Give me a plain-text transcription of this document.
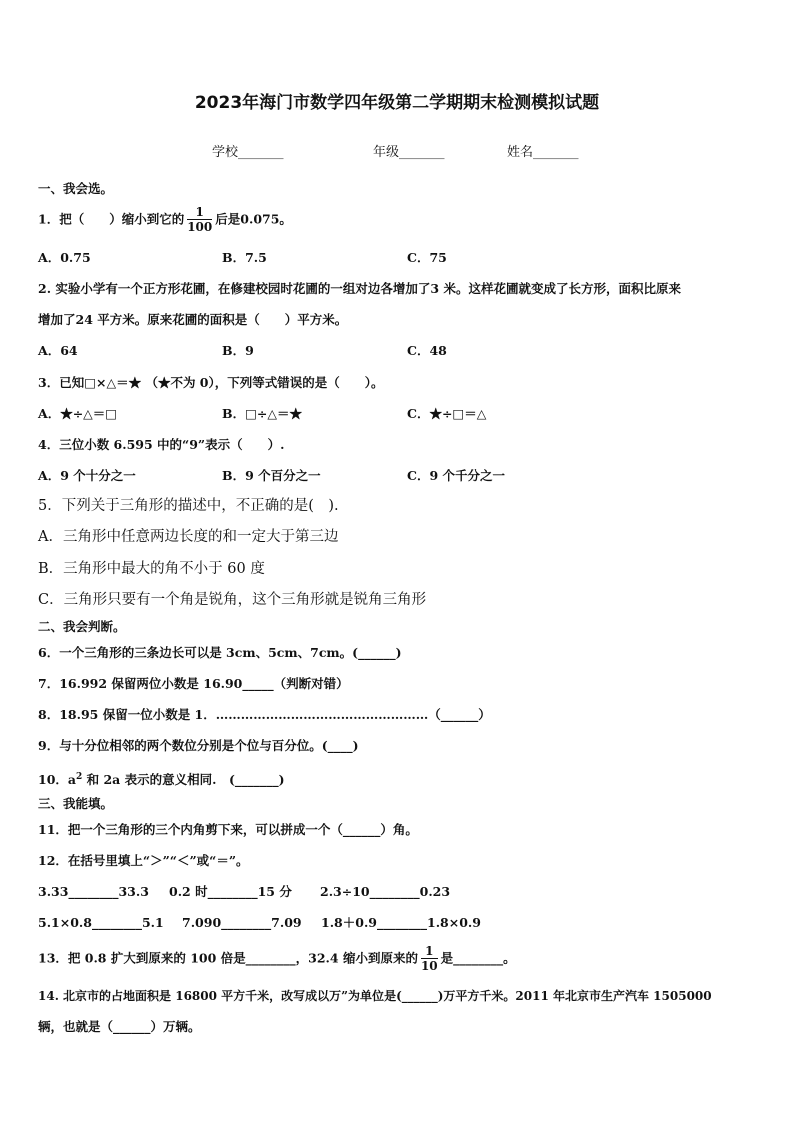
2023年海门市数学四年级第二学期期末检测模拟试题
学校_______	年级_______	姓名_______
一、我会选。
1．把（　　）缩小到它的 $\frac{1}{100}$ 后是0.075。
A．0.75	B．7.5	C．75
2. 实验小学有一个正方形花圃，在修建校园时花圃的一组对边各增加了3 米。这样花圃就变成了长方形，面积比原来
增加了24 平方米。原来花圃的面积是（　　）平方米。
A．64	B．9	C．48
3．已知□×△＝★ （★不为 0），下列等式错误的是（　　）。
A．★÷△＝□	B．□÷△＝★	C．★÷□＝△
4．三位小数 6.595 中的“9”表示（　　）.
A．9 个十分之一	B．9 个百分之一	C．9 个千分之一
5．下列关于三角形的描述中，不正确的是(　).
A．三角形中任意两边长度的和一定大于第三边
B．三角形中最大的角不小于 60 度
C．三角形只要有一个角是锐角，这个三角形就是锐角三角形
二、我会判断。
6．一个三角形的三条边长可以是 3cm、5cm、7cm。(______)
7．16.992 保留两位小数是 16.90_____（判断对错）
8．18.95 保留一位小数是 1．……………………………………………（______）
9．与十分位相邻的两个数位分别是个位与百分位。(____)
10．$a^2$ 和 2a 表示的意义相同.　(_______)
三、我能填。
11．把一个三角形的三个内角剪下来，可以拼成一个（______）角。
12．在括号里填上“＞”“＜”或“＝”。
3.33________33.3 0.2 时________15 分 2.3÷10________0.23
5.1×0.8________5.1 7.090________7.09 1.8＋0.9________1.8×0.9
13．把 0.8 扩大到原来的 100 倍是________，32.4 缩小到原来的 $\frac{1}{10}$ 是________。
14. 北京市的占地面积是 16800 平方千米，改写成以万”为单位是(______)万平方千米。2011 年北京市生产汽车 1505000
辆，也就是（______）万辆。
